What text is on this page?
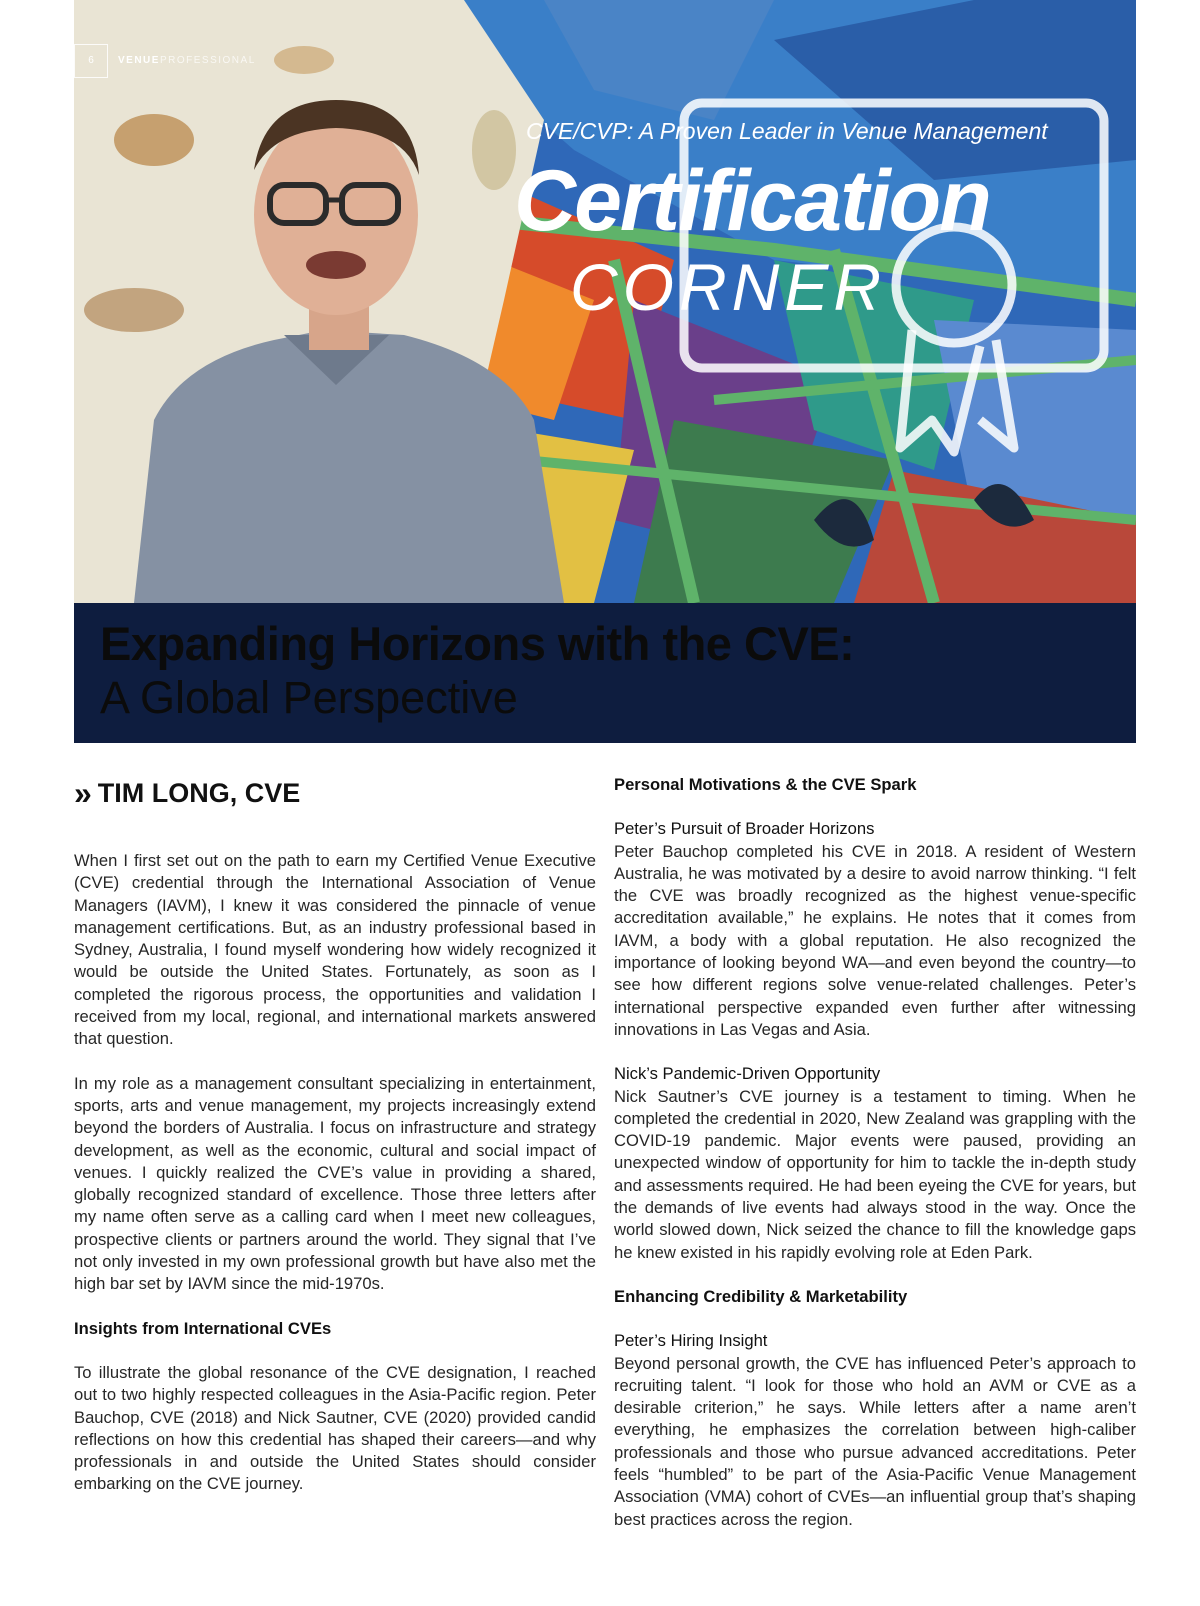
6	VENUEPROFESSIONAL
CVE/CVP: A Proven Leader in Venue Management
Certification
CORNER
Expanding Horizons with the CVE:
A Global Perspective
» TIM LONG, CVE

When I first set out on the path to earn my Certified Venue Executive (CVE) credential through the International Association of Venue Managers (IAVM), I knew it was considered the pinnacle of venue management certifications. But, as an industry professional based in Sydney, Australia, I found myself wondering how widely recognized it would be outside the United States. Fortunately, as soon as I completed the rigorous process, the opportunities and validation I received from my local, regional, and international markets answered that question.

In my role as a management consultant specializing in entertainment, sports, arts and venue management, my projects increasingly extend beyond the borders of Australia. I focus on infrastructure and strategy development, as well as the economic, cultural and social impact of venues. I quickly realized the CVE’s value in providing a shared, globally recognized standard of excellence. Those three letters after my name often serve as a calling card when I meet new colleagues, prospective clients or partners around the world. They signal that I’ve not only invested in my own professional growth but have also met the high bar set by IAVM since the mid-1970s.

Insights from International CVEs

To illustrate the global resonance of the CVE designation, I reached out to two highly respected colleagues in the Asia-Pacific region. Peter Bauchop, CVE (2018) and Nick Sautner, CVE (2020) provided candid reflections on how this credential has shaped their careers—and why professionals in and outside the United States should consider embarking on the CVE journey.

Personal Motivations & the CVE Spark

Peter’s Pursuit of Broader Horizons

Peter Bauchop completed his CVE in 2018. A resident of Western Australia, he was motivated by a desire to avoid narrow thinking. “I felt the CVE was broadly recognized as the highest venue-specific accreditation available,” he explains. He notes that it comes from IAVM, a body with a global reputation. He also recognized the importance of looking beyond WA—and even beyond the country—to see how different regions solve venue-related challenges. Peter’s international perspective expanded even further after witnessing innovations in Las Vegas and Asia.

Nick’s Pandemic-Driven Opportunity

Nick Sautner’s CVE journey is a testament to timing. When he completed the credential in 2020, New Zealand was grappling with the COVID-19 pandemic. Major events were paused, providing an unexpected window of opportunity for him to tackle the in-depth study and assessments required. He had been eyeing the CVE for years, but the demands of live events had always stood in the way. Once the world slowed down, Nick seized the chance to fill the knowledge gaps he knew existed in his rapidly evolving role at Eden Park.

Enhancing Credibility & Marketability

Peter’s Hiring Insight

Beyond personal growth, the CVE has influenced Peter’s approach to recruiting talent. “I look for those who hold an AVM or CVE as a desirable criterion,” he says. While letters after a name aren’t everything, he emphasizes the correlation between high-caliber professionals and those who pursue advanced accreditations. Peter feels “humbled” to be part of the Asia-Pacific Venue Management Association (VMA) cohort of CVEs—an influential group that’s shaping best practices across the region.
